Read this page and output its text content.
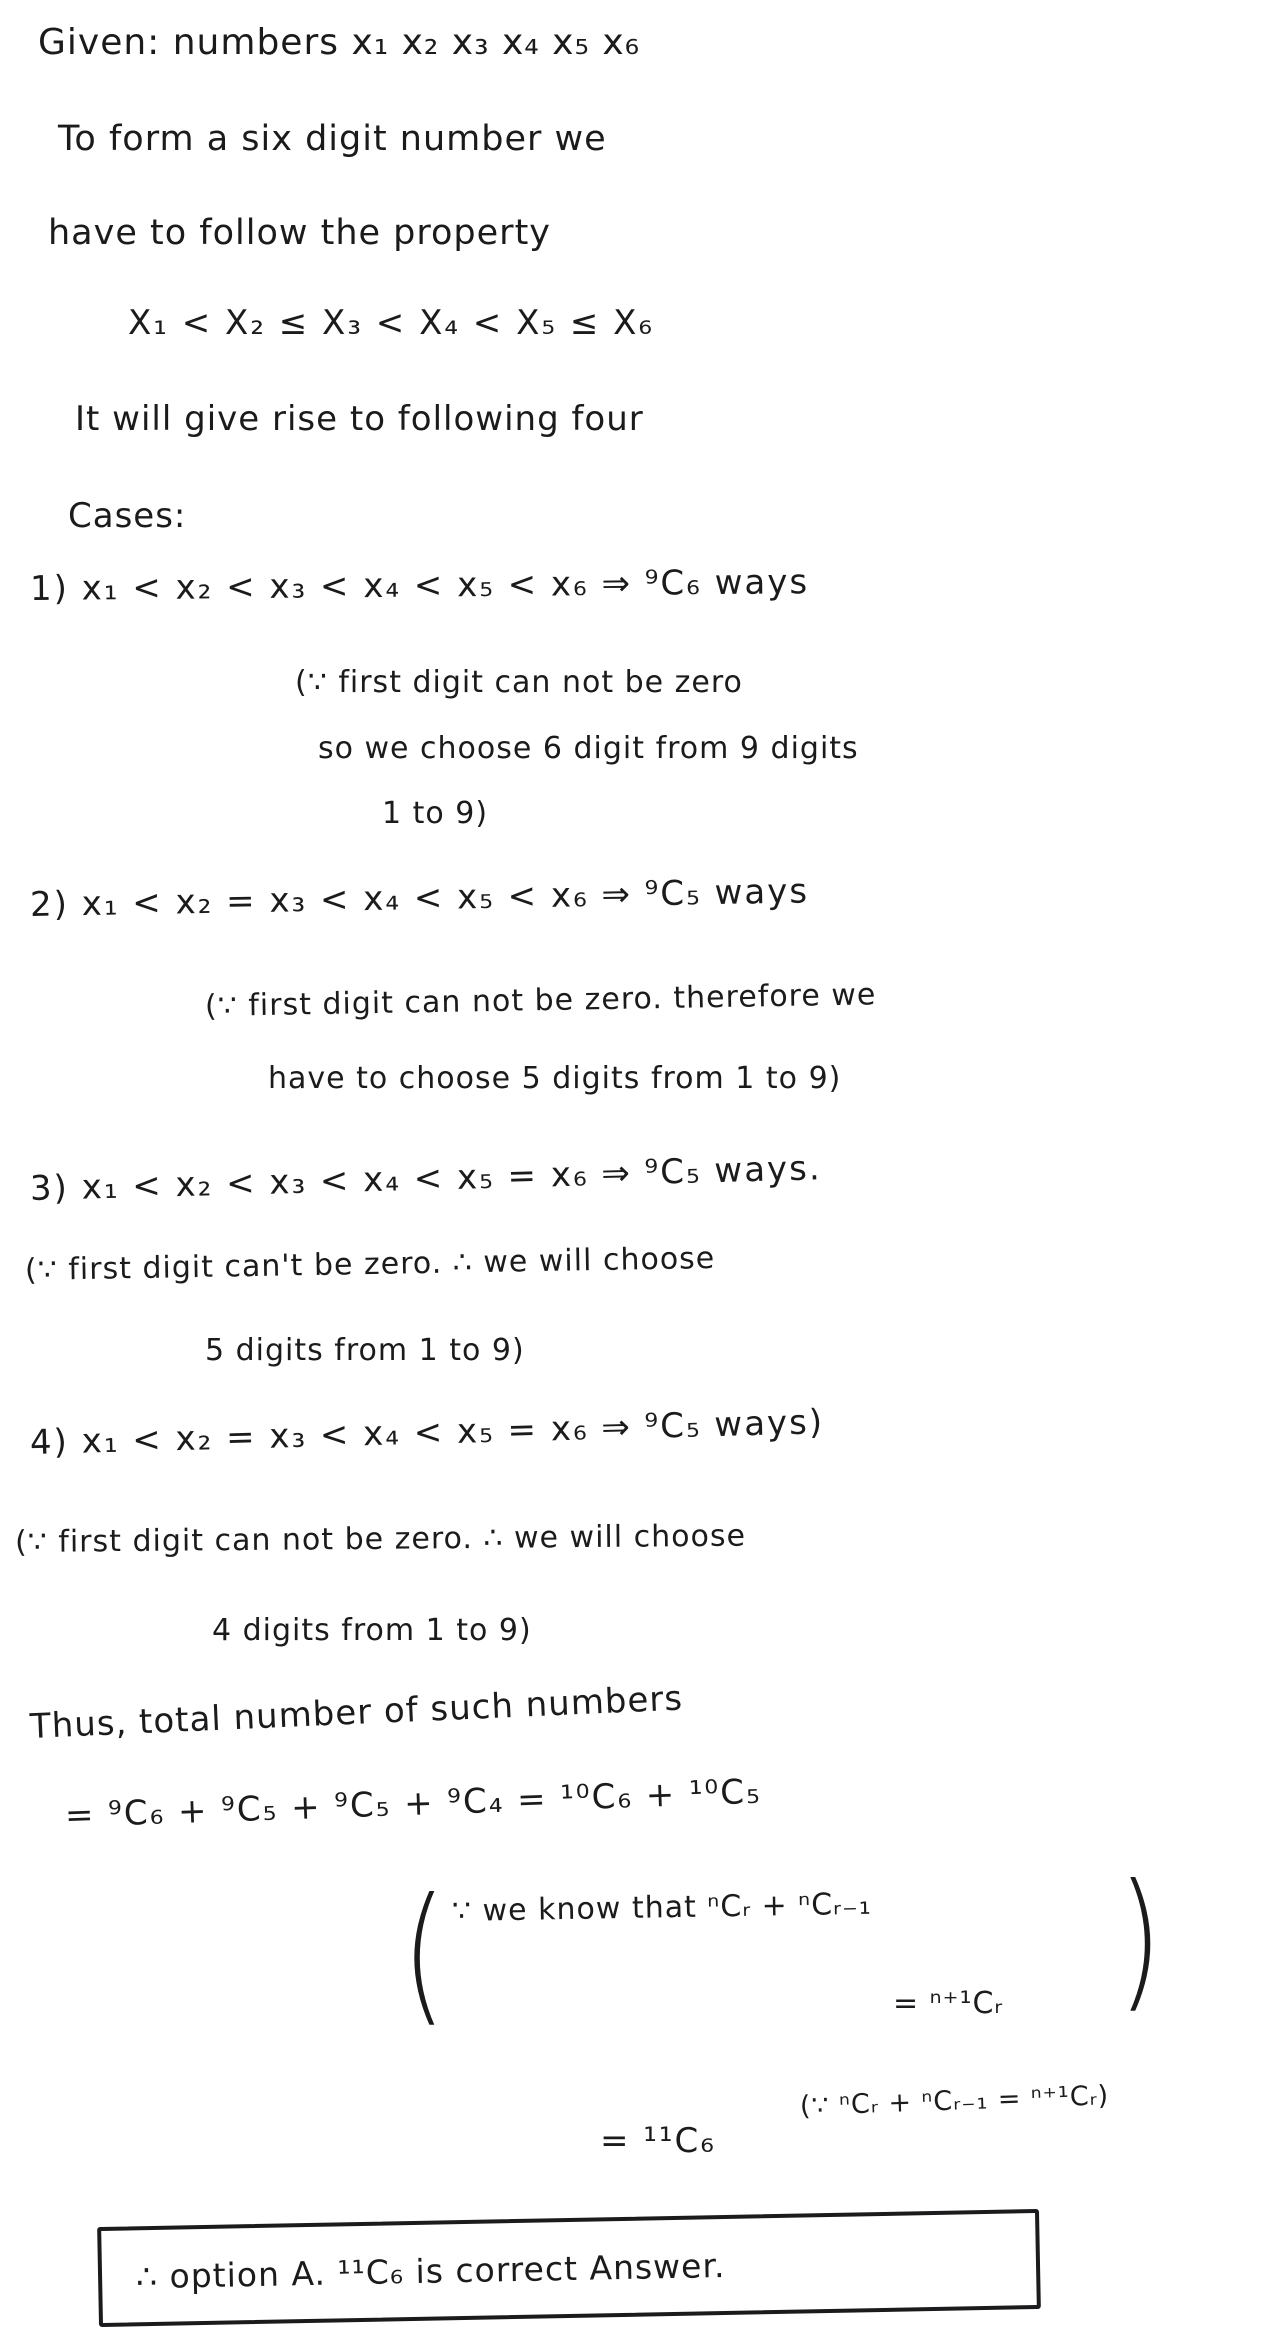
Given: numbers x₁ x₂ x₃ x₄ x₅ x₆
To form a six digit number we
have to follow the property
X₁ < X₂ ≤ X₃ < X₄ < X₅ ≤ X₆
It will give rise to following four
Cases:
1) x₁ < x₂ < x₃ < x₄ < x₅ < x₆ ⇒ ⁹C₆ ways
(∵ first digit can not be zero
so we choose 6 digit from 9 digits
1 to 9)
2) x₁ < x₂ = x₃ < x₄ < x₅ < x₆ ⇒ ⁹C₅ ways
(∵ first digit can not be zero. therefore we
have to choose 5 digits from 1 to 9)
3) x₁ < x₂ < x₃ < x₄ < x₅ = x₆ ⇒ ⁹C₅ ways.
(∵ first digit can't be zero. ∴ we will choose
5 digits from 1 to 9)
4) x₁ < x₂ = x₃ < x₄ < x₅ = x₆ ⇒ ⁹C₅ ways)
(∵ first digit can not be zero. ∴ we will choose
4 digits from 1 to 9)
Thus, total number of such numbers
= ⁹C₆ + ⁹C₅ + ⁹C₅ + ⁹C₄ = ¹⁰C₆ + ¹⁰C₅
( ∵ we know that ⁿCᵣ + ⁿCᵣ₋₁
= ⁿ⁺¹Cᵣ )
= ¹¹C₆
(∵ ⁿCᵣ + ⁿCᵣ₋₁ = ⁿ⁺¹Cᵣ)
∴ option A. ¹¹C₆ is correct Answer.
